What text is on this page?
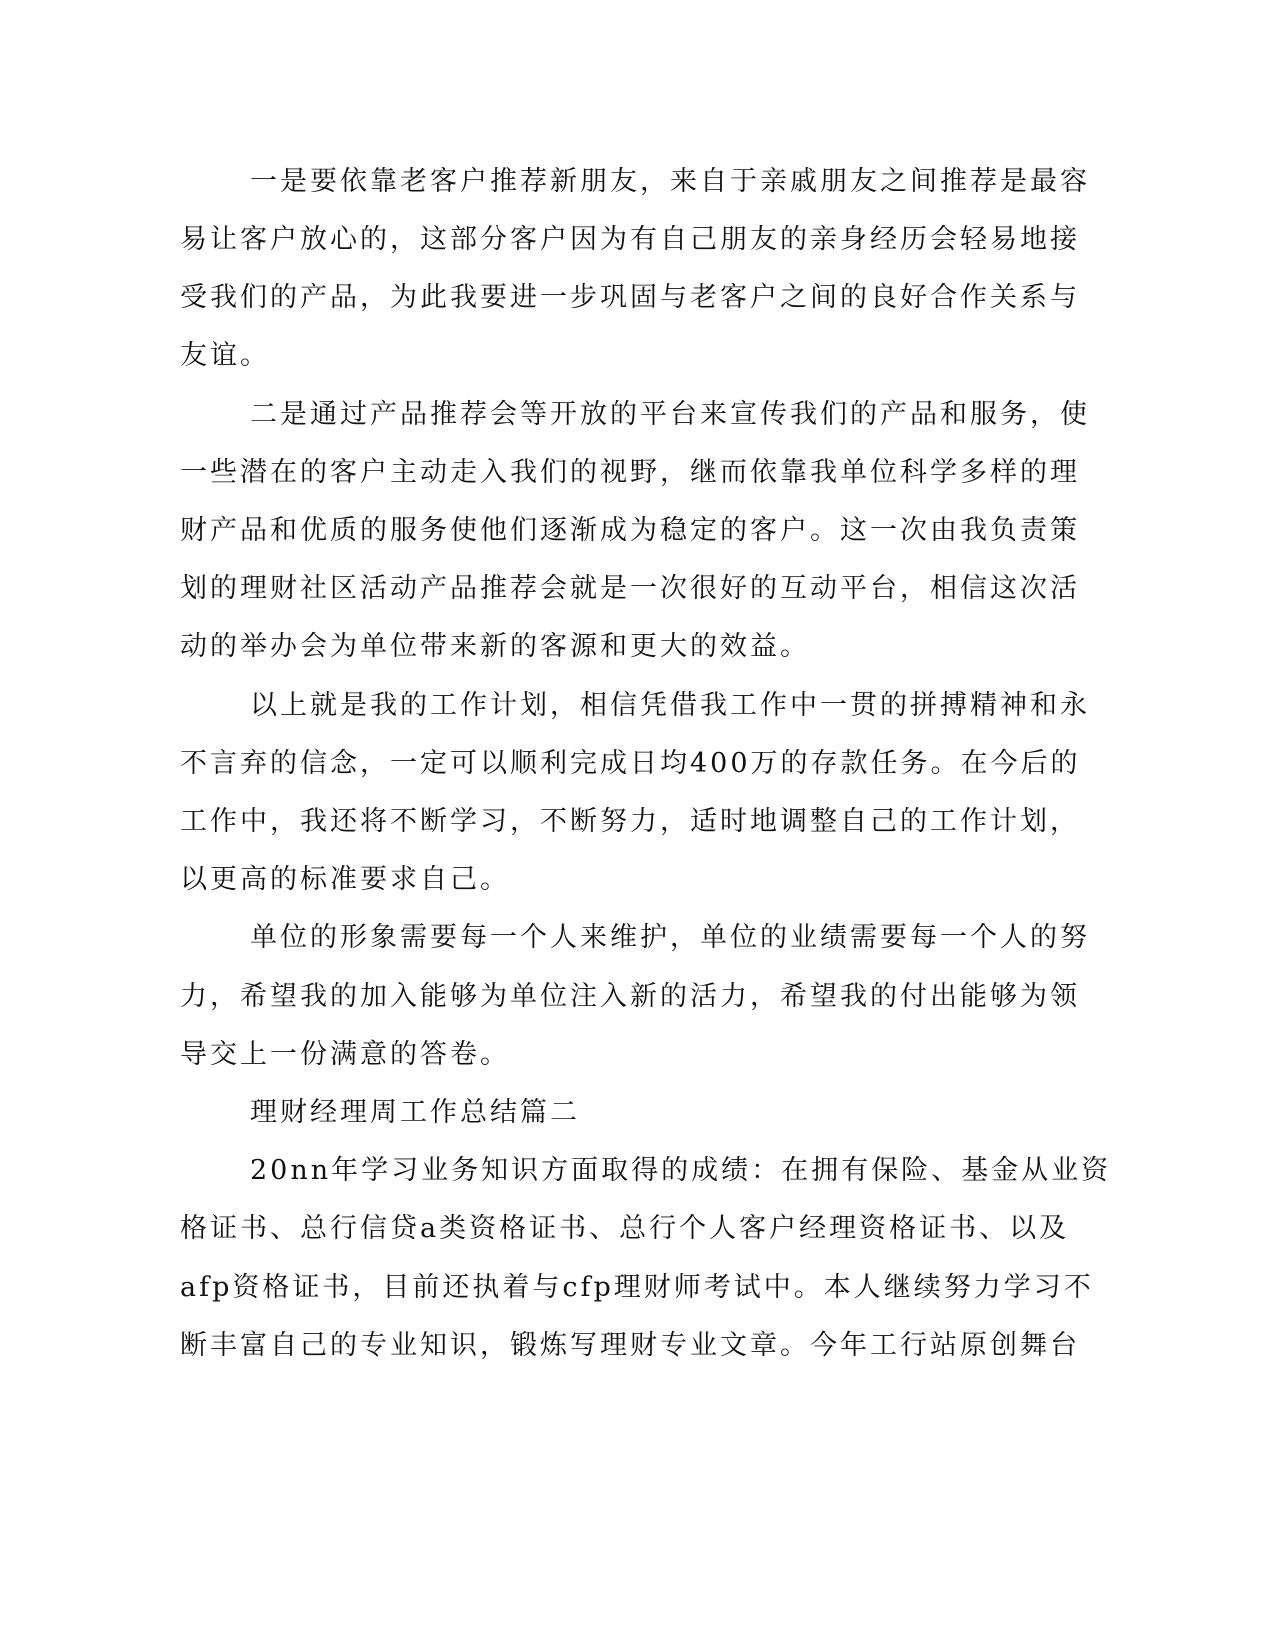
一是要依靠老客户推荐新朋友，来自于亲戚朋友之间推荐是最容
易让客户放心的，这部分客户因为有自己朋友的亲身经历会轻易地接
受我们的产品，为此我要进一步巩固与老客户之间的良好合作关系与
友谊。
二是通过产品推荐会等开放的平台来宣传我们的产品和服务，使
一些潜在的客户主动走入我们的视野，继而依靠我单位科学多样的理
财产品和优质的服务使他们逐渐成为稳定的客户。这一次由我负责策
划的理财社区活动产品推荐会就是一次很好的互动平台，相信这次活
动的举办会为单位带来新的客源和更大的效益。
以上就是我的工作计划，相信凭借我工作中一贯的拼搏精神和永
不言弃的信念，一定可以顺利完成日均400万的存款任务。在今后的
工作中，我还将不断学习，不断努力，适时地调整自己的工作计划，
以更高的标准要求自己。
单位的形象需要每一个人来维护，单位的业绩需要每一个人的努
力，希望我的加入能够为单位注入新的活力，希望我的付出能够为领
导交上一份满意的答卷。
理财经理周工作总结篇二
20nn年学习业务知识方面取得的成绩：在拥有保险、基金从业资
格证书、总行信贷a类资格证书、总行个人客户经理资格证书、以及
afp资格证书，目前还执着与cfp理财师考试中。本人继续努力学习不
断丰富自己的专业知识，锻炼写理财专业文章。今年工行站原创舞台
